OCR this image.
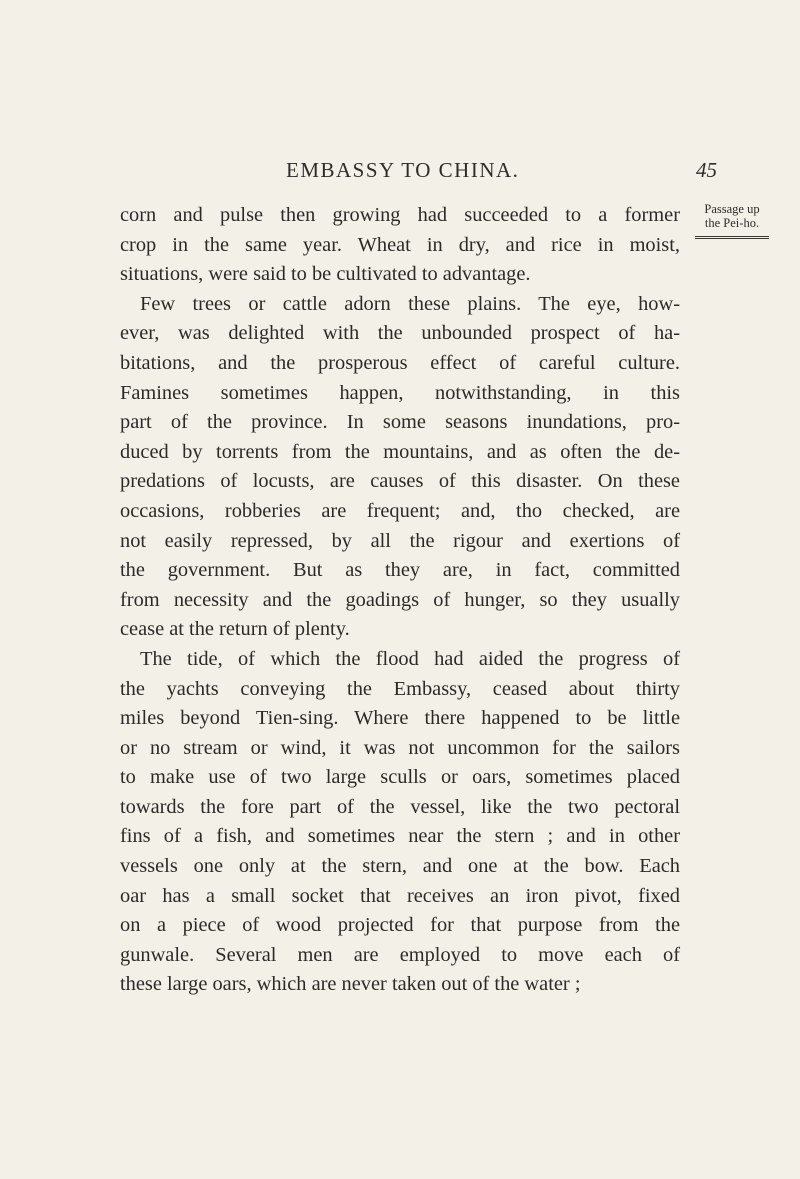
EMBASSY TO CHINA.	45
Passage up
the Pei-ho.
corn and pulse then growing had succeeded to a former
crop in the same year. Wheat in dry, and rice in moist,
situations, were said to be cultivated to advantage.
Few trees or cattle adorn these plains. The eye, how-
ever, was delighted with the unbounded prospect of ha-
bitations, and the prosperous effect of careful culture.
Famines sometimes happen, notwithstanding, in this
part of the province. In some seasons inundations, pro-
duced by torrents from the mountains, and as often the de-
predations of locusts, are causes of this disaster. On these
occasions, robberies are frequent; and, tho checked, are
not easily repressed, by all the rigour and exertions of
the government. But as they are, in fact, committed
from necessity and the goadings of hunger, so they usually
cease at the return of plenty.
The tide, of which the flood had aided the progress of
the yachts conveying the Embassy, ceased about thirty
miles beyond Tien-sing. Where there happened to be little
or no stream or wind, it was not uncommon for the sailors
to make use of two large sculls or oars, sometimes placed
towards the fore part of the vessel, like the two pectoral
fins of a fish, and sometimes near the stern ; and in other
vessels one only at the stern, and one at the bow. Each
oar has a small socket that receives an iron pivot, fixed
on a piece of wood projected for that purpose from the
gunwale. Several men are employed to move each of
these large oars, which are never taken out of the water ;
